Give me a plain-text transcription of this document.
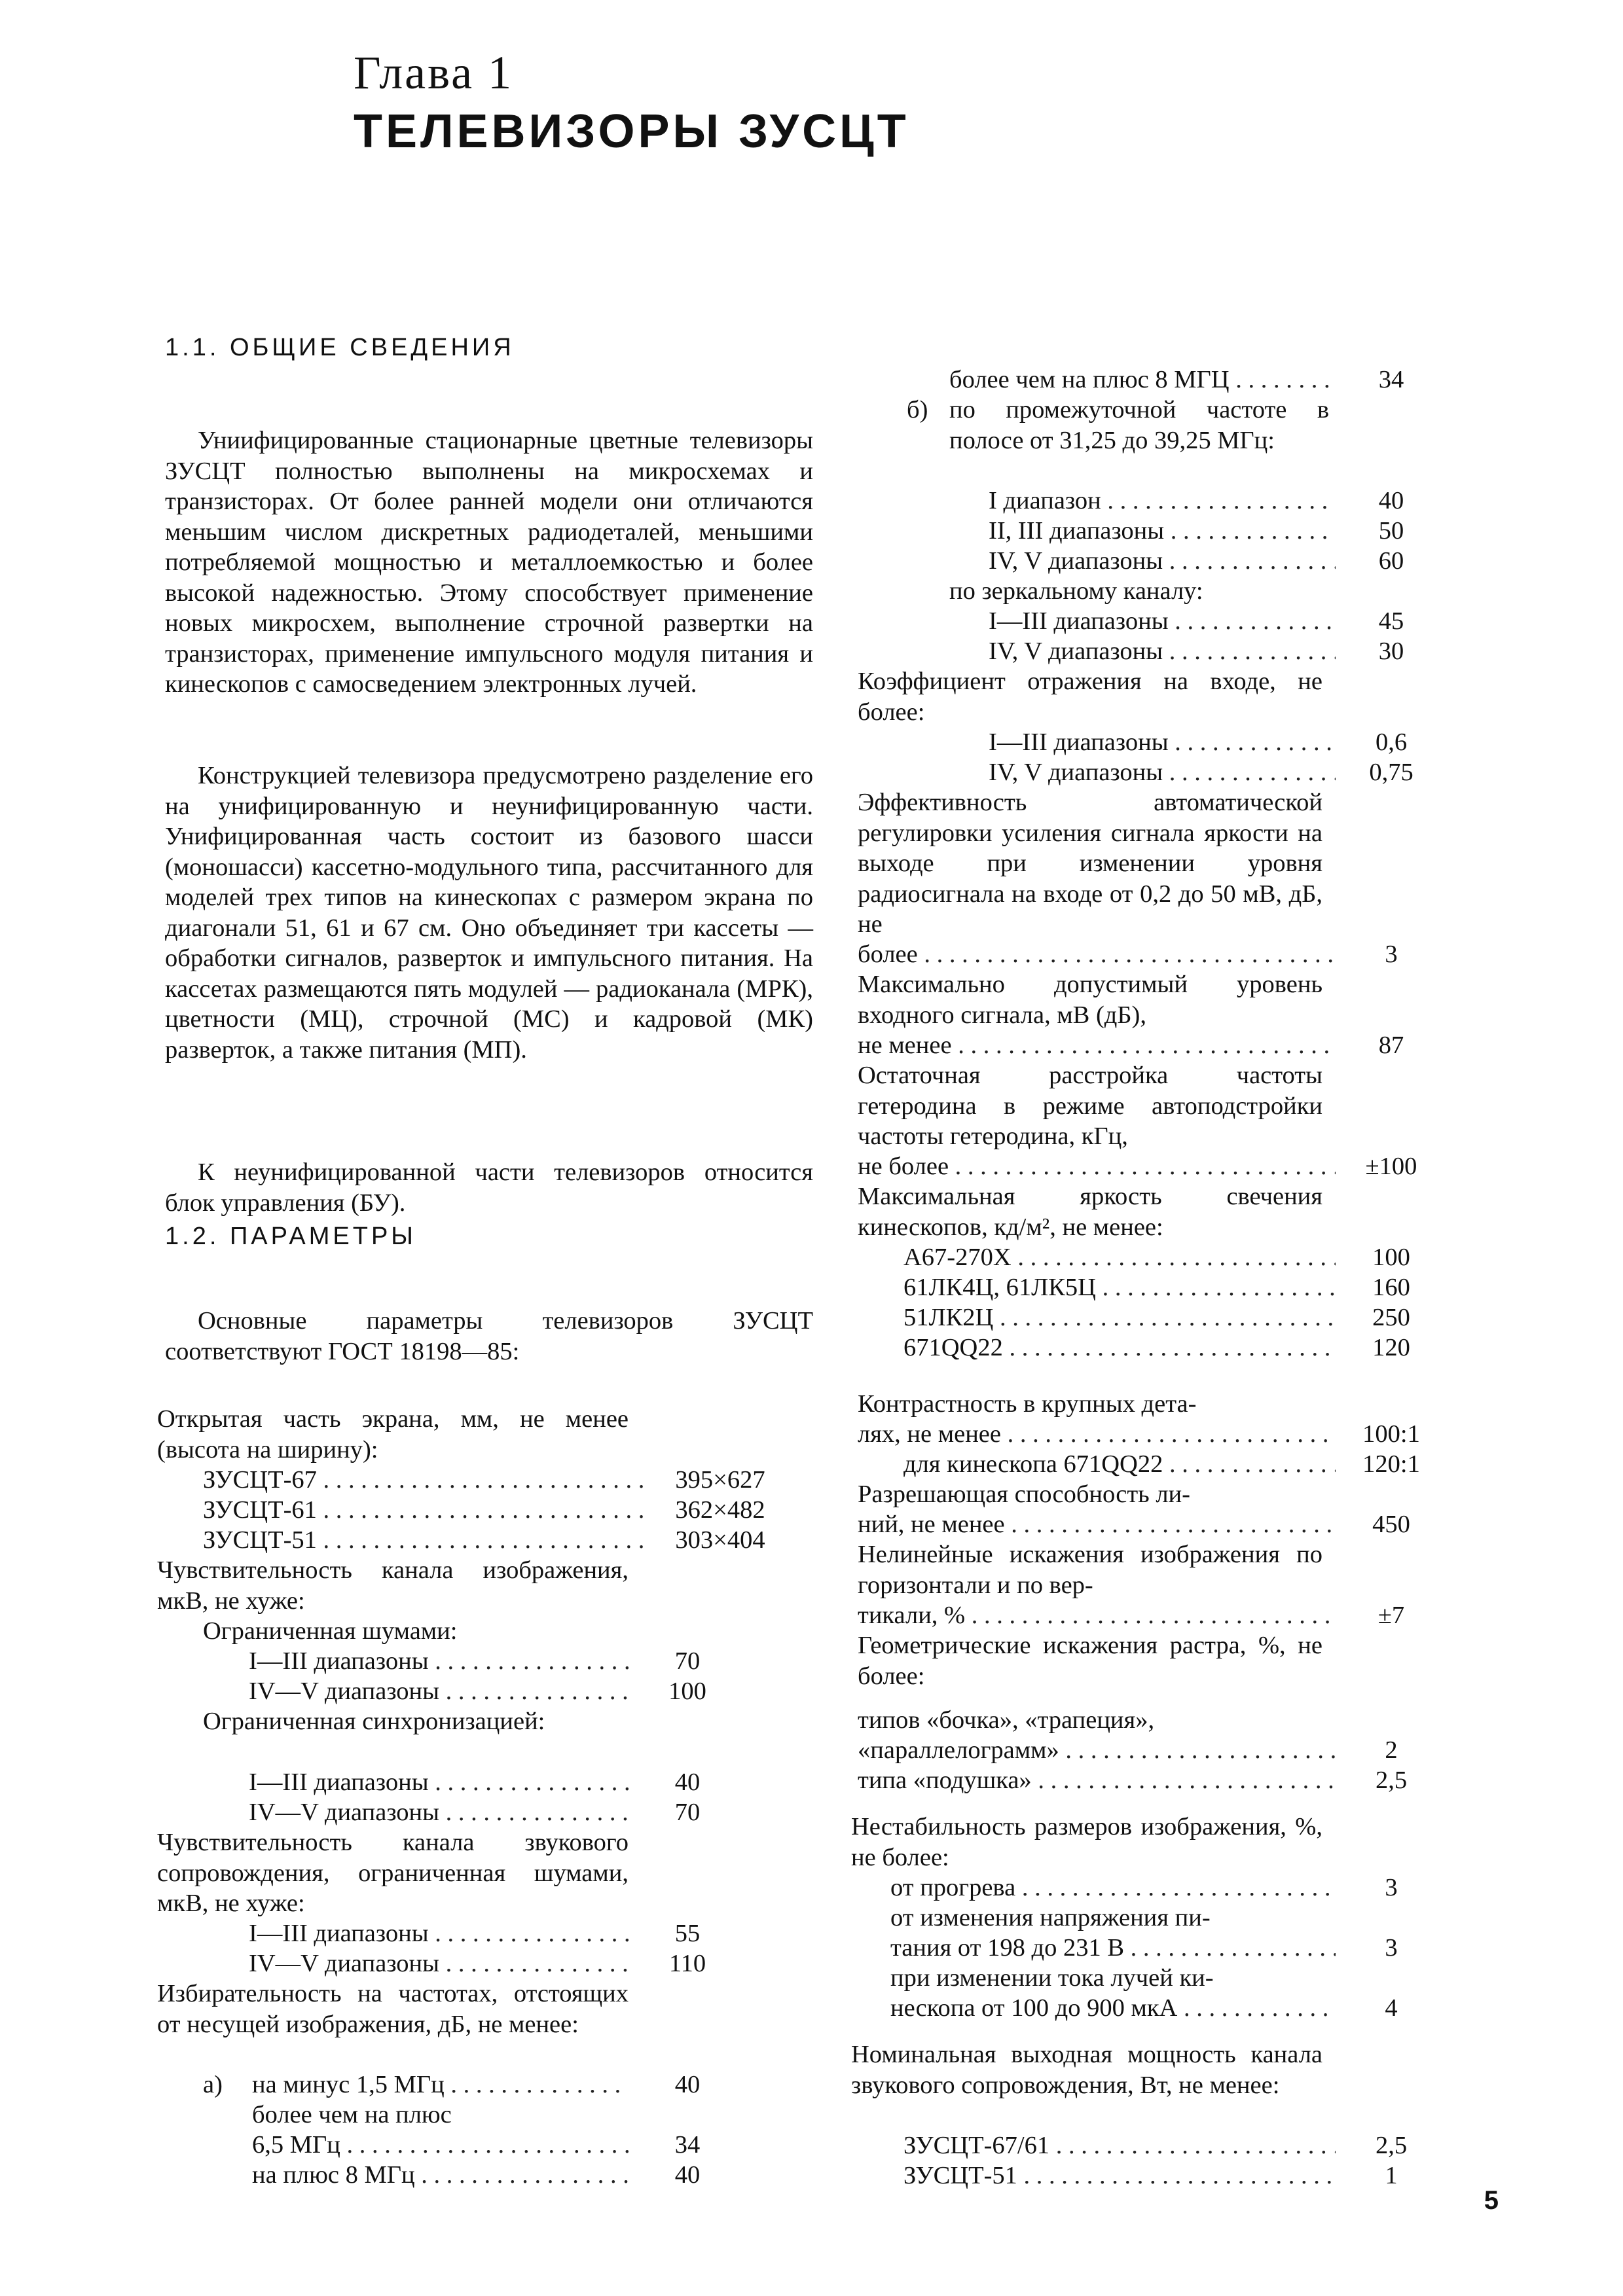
Глава 1
ТЕЛЕВИЗОРЫ ЗУСЦТ
1.1. ОБЩИЕ СВЕДЕНИЯ
Униифицированные стационарные цветные телевизоры ЗУСЦТ полностью выполнены на микросхемах и транзисторах. От более ранней модели они отличаются меньшим числом дискретных радиодеталей, меньшими потребляемой мощностью и металлоемкостью и более высокой надежностью. Этому способствует применение новых микросхем, выполнение строчной развертки на транзисторах, применение импульсного модуля питания и кинескопов с самосведением электронных лучей.
Конструкцией телевизора предусмотрено разделение его на унифицированную и неунифицированную части. Унифицированная часть состоит из базового шасси (моношасси) кассетно-модульного типа, рассчитанного для моделей трех типов на кинескопах с размером экрана по диагонали 51, 61 и 67 см. Оно объединяет три кассеты — обработки сигналов, разверток и импульсного питания. На кассетах размещаются пять модулей — радиоканала (МРК), цветности (МЦ), строчной (МС) и кадровой (МК) разверток, а также питания (МП).
К неунифицированной части телевизоров относится блок управления (БУ).
1.2. ПАРАМЕТРЫ
Основные параметры телевизоров ЗУСЦТ соответствуют ГОСТ 18198—85:
Открытая часть экрана, мм, не менее (высота на ширину):
ЗУСЦТ-67 . . .	395×627
ЗУСЦТ-61 . . .	362×482
ЗУСЦТ-51 . . .	303×404
Чувствительность канала изображения, мкВ, не хуже:
Ограниченная шумами:
I—III диапазоны . . .	70
IV—V диапазоны . . .	100
Ограниченная синхронизацией:
I—III диапазоны . . .	40
IV—V диапазоны . . .	70
Чувствительность канала звукового сопровождения, ограниченная шумами, мкВ, не хуже:
I—III диапазоны . . .	55
IV—V диапазоны . . .	110
Избирательность на частотах, отстоящих от несущей изображения, дБ, не менее:
а) на минус 1,5 МГц . . .	40
более чем на плюс
6,5 МГц . . .	34
на плюс 8 МГц . . .	40
более чем на плюс 8 МГЦ . . .	34
б) по промежуточной частоте в полосе от 31,25 до 39,25 МГц:
I диапазон . . .	40
II, III диапазоны . . .	50
IV, V диапазоны . . .	60
по зеркальному каналу:
I—III диапазоны . . .	45
IV, V диапазоны . . .	30
Коэффициент отражения на входе, не более:
I—III диапазоны . . .	0,6
IV, V диапазоны . . .	0,75
Эффективность автоматической регулировки усиления сигнала яркости на выходе при изменении уровня радиосигнала на входе от 0,2 до 50 мВ, дБ, не
более . . .	3
Максимально допустимый уровень входного сигнала, мВ (дБ),
не менее . . .	87
Остаточная расстройка частоты гетеродина в режиме автоподстройки частоты гетеродина, кГц,
не более . . .	±100
Максимальная яркость свечения кинескопов, кд/м², не менее:
А67-270Х . . .	100
61ЛК4Ц, 61ЛК5Ц . . .	160
51ЛК2Ц . . .	250
671QQ22 . . .	120
Контрастность в крупных дета-
лях, не менее . . .	100:1
для кинескопа 671QQ22 . . .	120:1
Разрешающая способность ли-
ний, не менее . . .	450
Нелинейные искажения изображения по горизонтали и по вер-
тикали, % . . .	±7
Геометрические искажения растра, %, не более:
типов «бочка», «трапеция»,
«параллелограмм» . . .	2
типа «подушка» . . .	2,5
Нестабильность размеров изображения, %, не более:
от прогрева . . .	3
от изменения напряжения пи-
тания от 198 до 231 В . . .	3
при изменении тока лучей ки-
нескопа от 100 до 900 мкА . . .	4
Номинальная выходная мощность канала звукового сопровождения, Вт, не менее:
ЗУСЦТ-67/61 . . .	2,5
ЗУСЦТ-51 . . .	1
5
